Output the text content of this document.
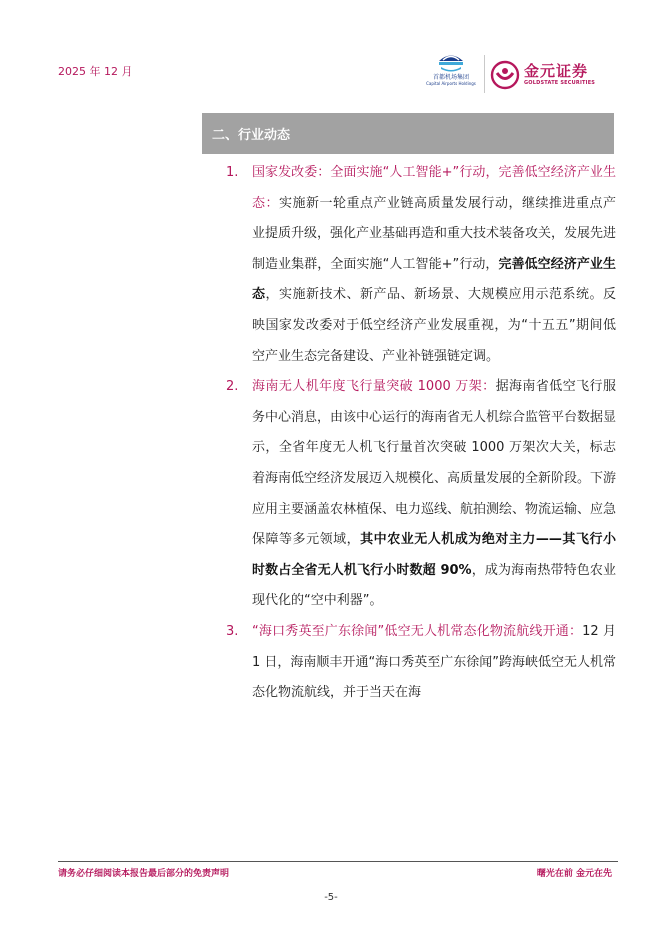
2025 年 12 月	首都机场集团
Capital Airports Holdings
金元证券
GOLDSTATE SECURITIES
二、行业动态
1. 国家发改委：全面实施“人工智能+”行动，完善低空经济产业生态：实施新一轮重点产业链高质量发展行动，继续推进重点产业提质升级，强化产业基础再造和重大技术装备攻关，发展先进制造业集群，全面实施“人工智能+”行动，完善低空经济产业生态，实施新技术、新产品、新场景、大规模应用示范系统。反映国家发改委对于低空经济产业发展重视，为“十五五”期间低空产业生态完备建设、产业补链强链定调。
2. 海南无人机年度飞行量突破 1000 万架：据海南省低空飞行服务中心消息，由该中心运行的海南省无人机综合监管平台数据显示，全省年度无人机飞行量首次突破 1000 万架次大关，标志着海南低空经济发展迈入规模化、高质量发展的全新阶段。下游应用主要涵盖农林植保、电力巡线、航拍测绘、物流运输、应急保障等多元领域，其中农业无人机成为绝对主力——其飞行小时数占全省无人机飞行小时数超 90%，成为海南热带特色农业现代化的“空中利器”。
3. “海口秀英至广东徐闻”低空无人机常态化物流航线开通：12 月 1 日，海南顺丰开通“海口秀英至广东徐闻”跨海峡低空无人机常态化物流航线，并于当天在海
请务必仔细阅读本报告最后部分的免责声明	曙光在前 金元在先
-5-
